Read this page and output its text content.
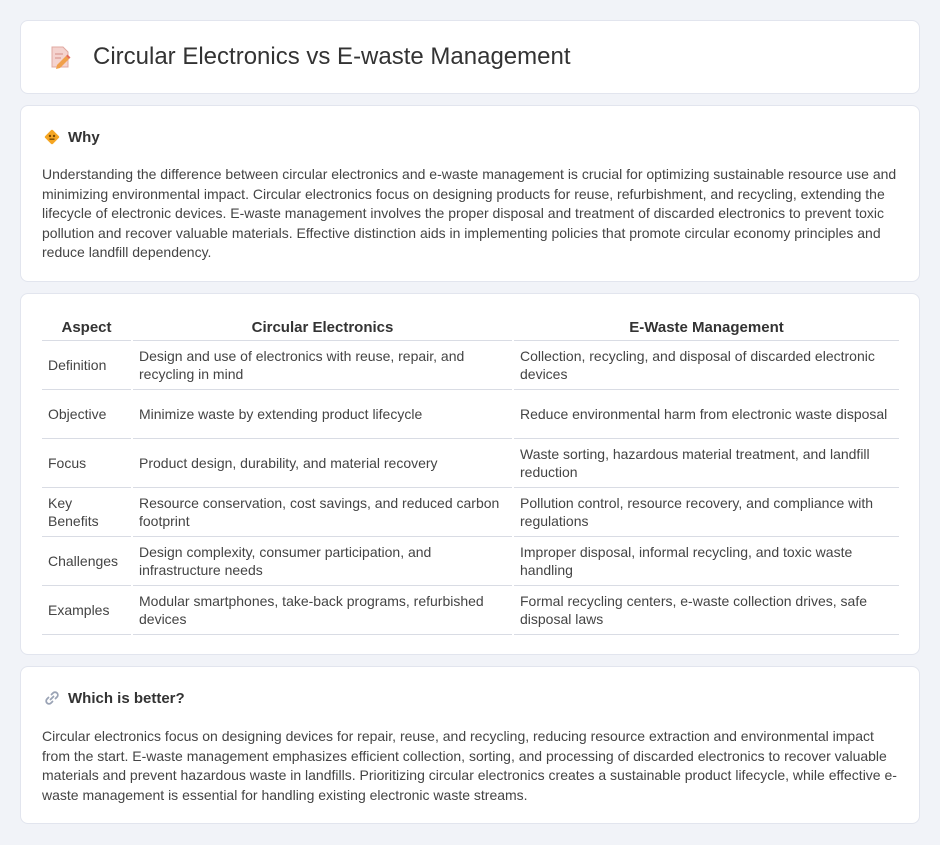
Circular Electronics vs E-waste Management
Why

Understanding the difference between circular electronics and e-waste management is crucial for optimizing sustainable resource use and minimizing environmental impact. Circular electronics focus on designing products for reuse, refurbishment, and recycling, extending the lifecycle of electronic devices. E-waste management involves the proper disposal and treatment of discarded electronics to prevent toxic pollution and recover valuable materials. Effective distinction aids in implementing policies that promote circular economy principles and reduce landfill dependency.

Aspect	Circular Electronics	E-Waste Management
Definition	Design and use of electronics with reuse, repair, and recycling in mind	Collection, recycling, and disposal of discarded electronic devices
Objective	Minimize waste by extending product lifecycle	Reduce environmental harm from electronic waste disposal
Focus	Product design, durability, and material recovery	Waste sorting, hazardous material treatment, and landfill reduction
Key Benefits	Resource conservation, cost savings, and reduced carbon footprint	Pollution control, resource recovery, and compliance with regulations
Challenges	Design complexity, consumer participation, and infrastructure needs	Improper disposal, informal recycling, and toxic waste handling
Examples	Modular smartphones, take-back programs, refurbished devices	Formal recycling centers, e-waste collection drives, safe disposal laws
Which is better?

Circular electronics focus on designing devices for repair, reuse, and recycling, reducing resource extraction and environmental impact from the start. E-waste management emphasizes efficient collection, sorting, and processing of discarded electronics to recover valuable materials and prevent hazardous waste in landfills. Prioritizing circular electronics creates a sustainable product lifecycle, while effective e-waste management is essential for handling existing electronic waste streams.
